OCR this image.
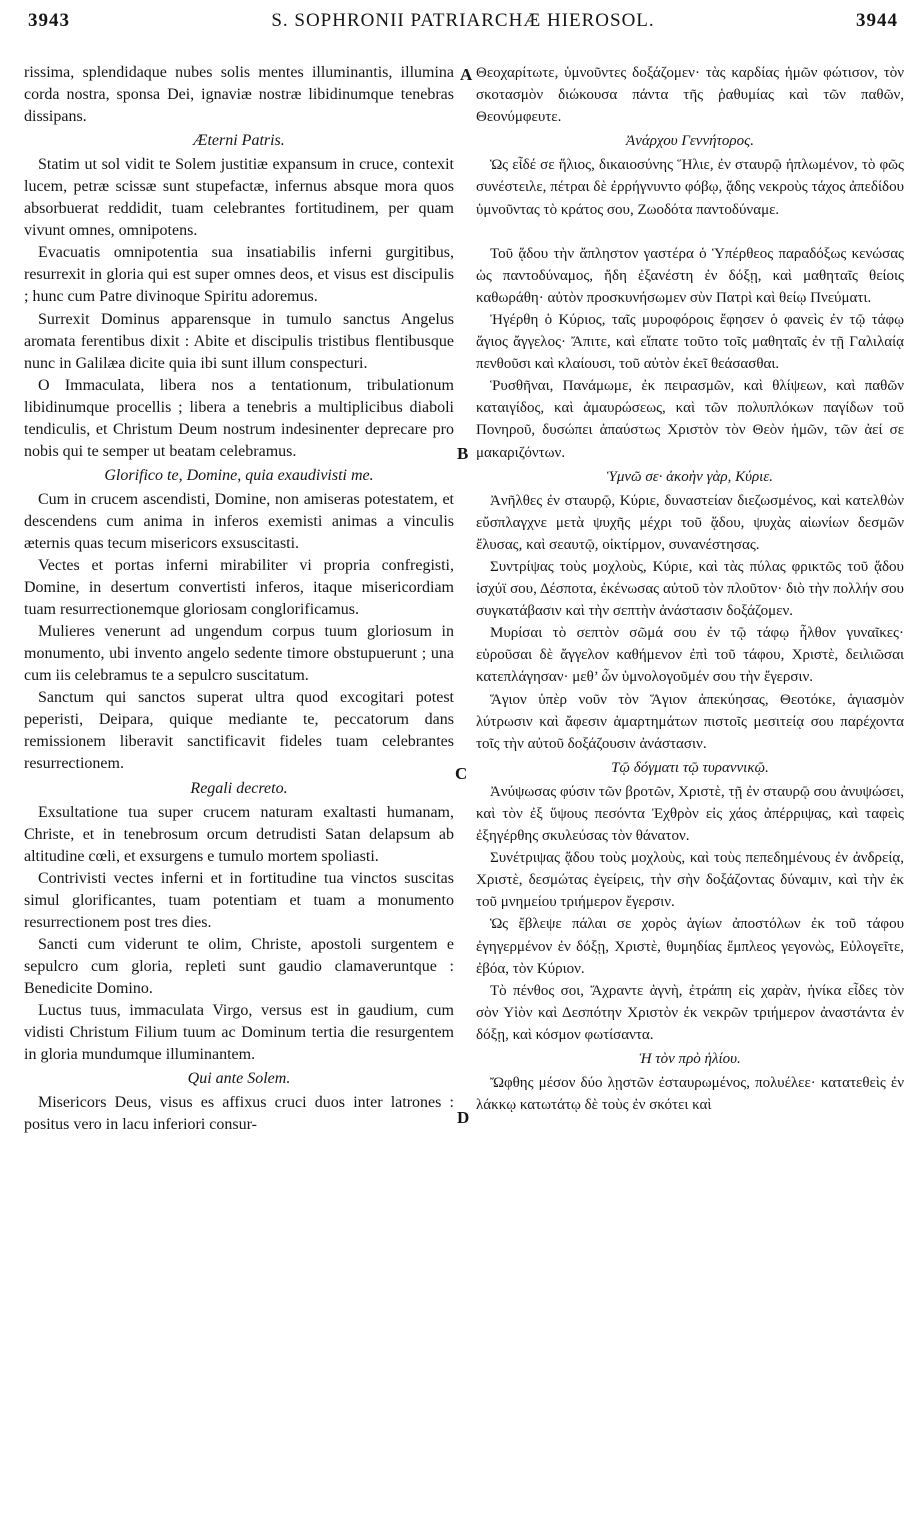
3943	S. SOPHRONII PATRIARCHÆ HIEROSOL.	3944
A
B
C
D

rissima, splendidaque nubes solis mentes illuminantis, illumina corda nostra, sponsa Dei, ignaviæ nostræ libidinumque tenebras dissipans.

Æterni Patris.

Statim ut sol vidit te Solem justitiæ expansum in cruce, contexit lucem, petræ scissæ sunt stupefactæ, infernus absque mora quos absorbuerat reddidit, tuam celebrantes fortitudinem, per quam vivunt omnes, omnipotens.

Evacuatis omnipotentia sua insatiabilis inferni gurgitibus, resurrexit in gloria qui est super omnes deos, et visus est discipulis ; hunc cum Patre divinoque Spiritu adoremus.

Surrexit Dominus apparensque in tumulo sanctus Angelus aromata ferentibus dixit : Abite et discipulis tristibus flentibusque nunc in Galilæa dicite quia ibi sunt illum conspecturi.

O Immaculata, libera nos a tentationum, tribulationum libidinumque procellis ; libera a tenebris a multiplicibus diaboli tendiculis, et Christum Deum nostrum indesinenter deprecare pro nobis qui te semper ut beatam celebramus.

Glorifico te, Domine, quia exaudivisti me.

Cum in crucem ascendisti, Domine, non amiseras potestatem, et descendens cum anima in inferos exemisti animas a vinculis æternis quas tecum misericors exsuscitasti.

Vectes et portas inferni mirabiliter vi propria confregisti, Domine, in desertum convertisti inferos, itaque misericordiam tuam resurrectionemque gloriosam conglorificamus.

Mulieres venerunt ad ungendum corpus tuum gloriosum in monumento, ubi invento angelo sedente timore obstupuerunt ; una cum iis celebramus te a sepulcro suscitatum.

Sanctum qui sanctos superat ultra quod excogitari potest peperisti, Deipara, quique mediante te, peccatorum dans remissionem liberavit sanctificavit fideles tuam celebrantes resurrectionem.

Regali decreto.

Exsultatione tua super crucem naturam exaltasti humanam, Christe, et in tenebrosum orcum detrudisti Satan delapsum ab altitudine cœli, et exsurgens e tumulo mortem spoliasti.

Contrivisti vectes inferni et in fortitudine tua vinctos suscitas simul glorificantes, tuam potentiam et tuam a monumento resurrectionem post tres dies.

Sancti cum viderunt te olim, Christe, apostoli surgentem e sepulcro cum gloria, repleti sunt gaudio clamaveruntque : Benedicite Domino.

Luctus tuus, immaculata Virgo, versus est in gaudium, cum vidisti Christum Filium tuum ac Dominum tertia die resurgentem in gloria mundumque illuminantem.

Qui ante Solem.

Misericors Deus, visus es affixus cruci duos inter latrones : positus vero in lacu inferiori consur-

Θεοχαρίτωτε, ὑμνοῦντες δοξάζομεν· τὰς καρδίας ἡμῶν φώτισον, τὸν σκοτασμὸν διώκουσα πάντα τῆς ῥαθυμίας καὶ τῶν παθῶν, Θεονύμφευτε.

Ἀνάρχου Γεννήτορος.

Ὡς εἶδέ σε ἥλιος, δικαιοσύνης Ἥλιε, ἐν σταυρῷ ἡπλωμένον, τὸ φῶς συνέστειλε, πέτραι δὲ ἐρρήγνυντο φόβῳ, ᾅδης νεκροὺς τάχος ἀπεδίδου ὑμνοῦντας τὸ κράτος σου, Ζωοδότα παντοδύναμε.

Τοῦ ᾅδου τὴν ἄπληστον γαστέρα ὁ Ὑπέρθεος παραδόξως κενώσας ὡς παντοδύναμος, ἤδη ἐξανέστη ἐν δόξῃ, καὶ μαθηταῖς θείοις καθωράθη· αὐτὸν προσκυνήσωμεν σὺν Πατρὶ καὶ θείῳ Πνεύματι.

Ἠγέρθη ὁ Κύριος, ταῖς μυροφόροις ἔφησεν ὁ φανεὶς ἐν τῷ τάφῳ ἅγιος ἄγγελος· Ἄπιτε, καὶ εἴπατε τοῦτο τοῖς μαθηταῖς ἐν τῇ Γαλιλαίᾳ πενθοῦσι καὶ κλαίουσι, τοῦ αὐτὸν ἐκεῖ θεάσασθαι.

Ῥυσθῆναι, Πανάμωμε, ἐκ πειρασμῶν, καὶ θλίψεων, καὶ παθῶν καταιγίδος, καὶ ἀμαυρώσεως, καὶ τῶν πολυπλόκων παγίδων τοῦ Πονηροῦ, δυσώπει ἀπαύστως Χριστὸν τὸν Θεὸν ἡμῶν, τῶν ἀεί σε μακαριζόντων.

Ὑμνῶ σε· ἀκοὴν γὰρ, Κύριε.

Ἀνῆλθες ἐν σταυρῷ, Κύριε, δυναστείαν διεζωσμένος, καὶ κατελθὼν εὔσπλαγχνε μετὰ ψυχῆς μέχρι τοῦ ᾅδου, ψυχὰς αἰωνίων δεσμῶν ἔλυσας, καὶ σεαυτῷ, οἰκτίρμον, συνανέστησας.

Συντρίψας τοὺς μοχλοὺς, Κύριε, καὶ τὰς πύλας φρικτῶς τοῦ ᾅδου ἰσχύϊ σου, Δέσποτα, ἐκένωσας αὐτοῦ τὸν πλοῦτον· διὸ τὴν πολλήν σου συγκατάβασιν καὶ τὴν σεπτὴν ἀνάστασιν δοξάζομεν.

Μυρίσαι τὸ σεπτὸν σῶμά σου ἐν τῷ τάφῳ ἦλθον γυναῖκες· εὑροῦσαι δὲ ἄγγελον καθήμενον ἐπὶ τοῦ τάφου, Χριστὲ, δειλιῶσαι κατεπλάγησαν· μεθ’ ὧν ὑμνολογοῦμέν σου τὴν ἔγερσιν.

Ἅγιον ὑπὲρ νοῦν τὸν Ἅγιον ἀπεκύησας, Θεοτόκε, ἁγιασμὸν λύτρωσιν καὶ ἄφεσιν ἁμαρτημάτων πιστοῖς μεσιτείᾳ σου παρέχοντα τοῖς τὴν αὐτοῦ δοξάζουσιν ἀνάστασιν.

Τῷ δόγματι τῷ τυραννικῷ.

Ἀνύψωσας φύσιν τῶν βροτῶν, Χριστὲ, τῇ ἐν σταυρῷ σου ἀνυψώσει, καὶ τὸν ἐξ ὕψους πεσόντα Ἐχθρὸν εἰς χάος ἀπέρριψας, καὶ ταφεὶς ἐξηγέρθης σκυλεύσας τὸν θάνατον.

Συνέτριψας ᾅδου τοὺς μοχλοὺς, καὶ τοὺς πεπεδημένους ἐν ἀνδρείᾳ, Χριστὲ, δεσμώτας ἐγείρεις, τὴν σὴν δοξάζοντας δύναμιν, καὶ τὴν ἐκ τοῦ μνημείου τριήμερον ἔγερσιν.

Ὡς ἔβλεψε πάλαι σε χορὸς ἁγίων ἀποστόλων ἐκ τοῦ τάφου ἐγηγερμένον ἐν δόξῃ, Χριστὲ, θυμηδίας ἔμπλεος γεγονὼς, Εὐλογεῖτε, ἐβόα, τὸν Κύριον.

Τὸ πένθος σοι, Ἄχραντε ἁγνὴ, ἐτράπη εἰς χαρὰν, ἡνίκα εἶδες τὸν σὸν Υἱὸν καὶ Δεσπότην Χριστὸν ἐκ νεκρῶν τριήμερον ἀναστάντα ἐν δόξῃ, καὶ κόσμον φωτίσαντα.

Ἡ τὸν πρὸ ἡλίου.

Ὤφθης μέσον δύο λῃστῶν ἐσταυρωμένος, πολυέλεε· κατατεθεὶς ἐν λάκκῳ κατωτάτῳ δὲ τοὺς ἐν σκότει καὶ
